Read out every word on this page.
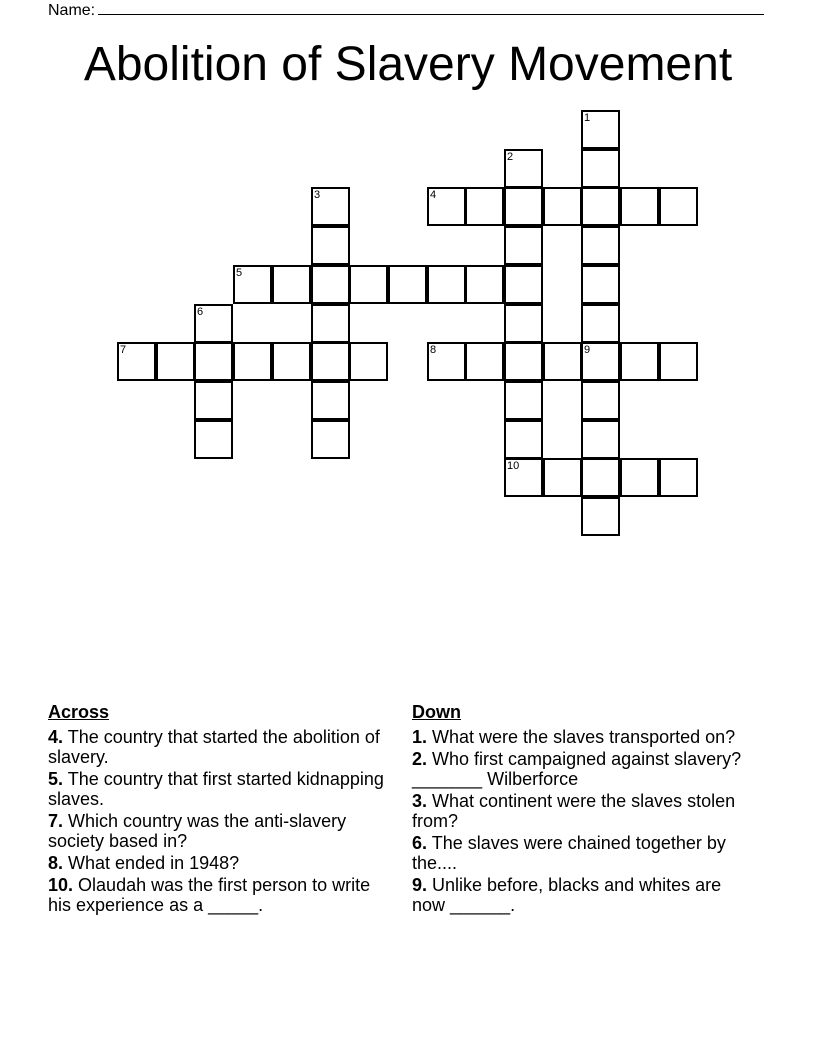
Name:
Abolition of Slavery Movement
1
2
3	4
5
6
7	8	9
10
Across
4. The country that started the abolition of slavery.
5. The country that first started kidnapping slaves.
7. Which country was the anti-slavery society based in?
8. What ended in 1948?
10. Olaudah was the first person to write his experience as a _____.
Down
1. What were the slaves transported on?
2. Who first campaigned against slavery? _______ Wilberforce
3. What continent were the slaves stolen from?
6. The slaves were chained together by the....
9. Unlike before, blacks and whites are now ______.
